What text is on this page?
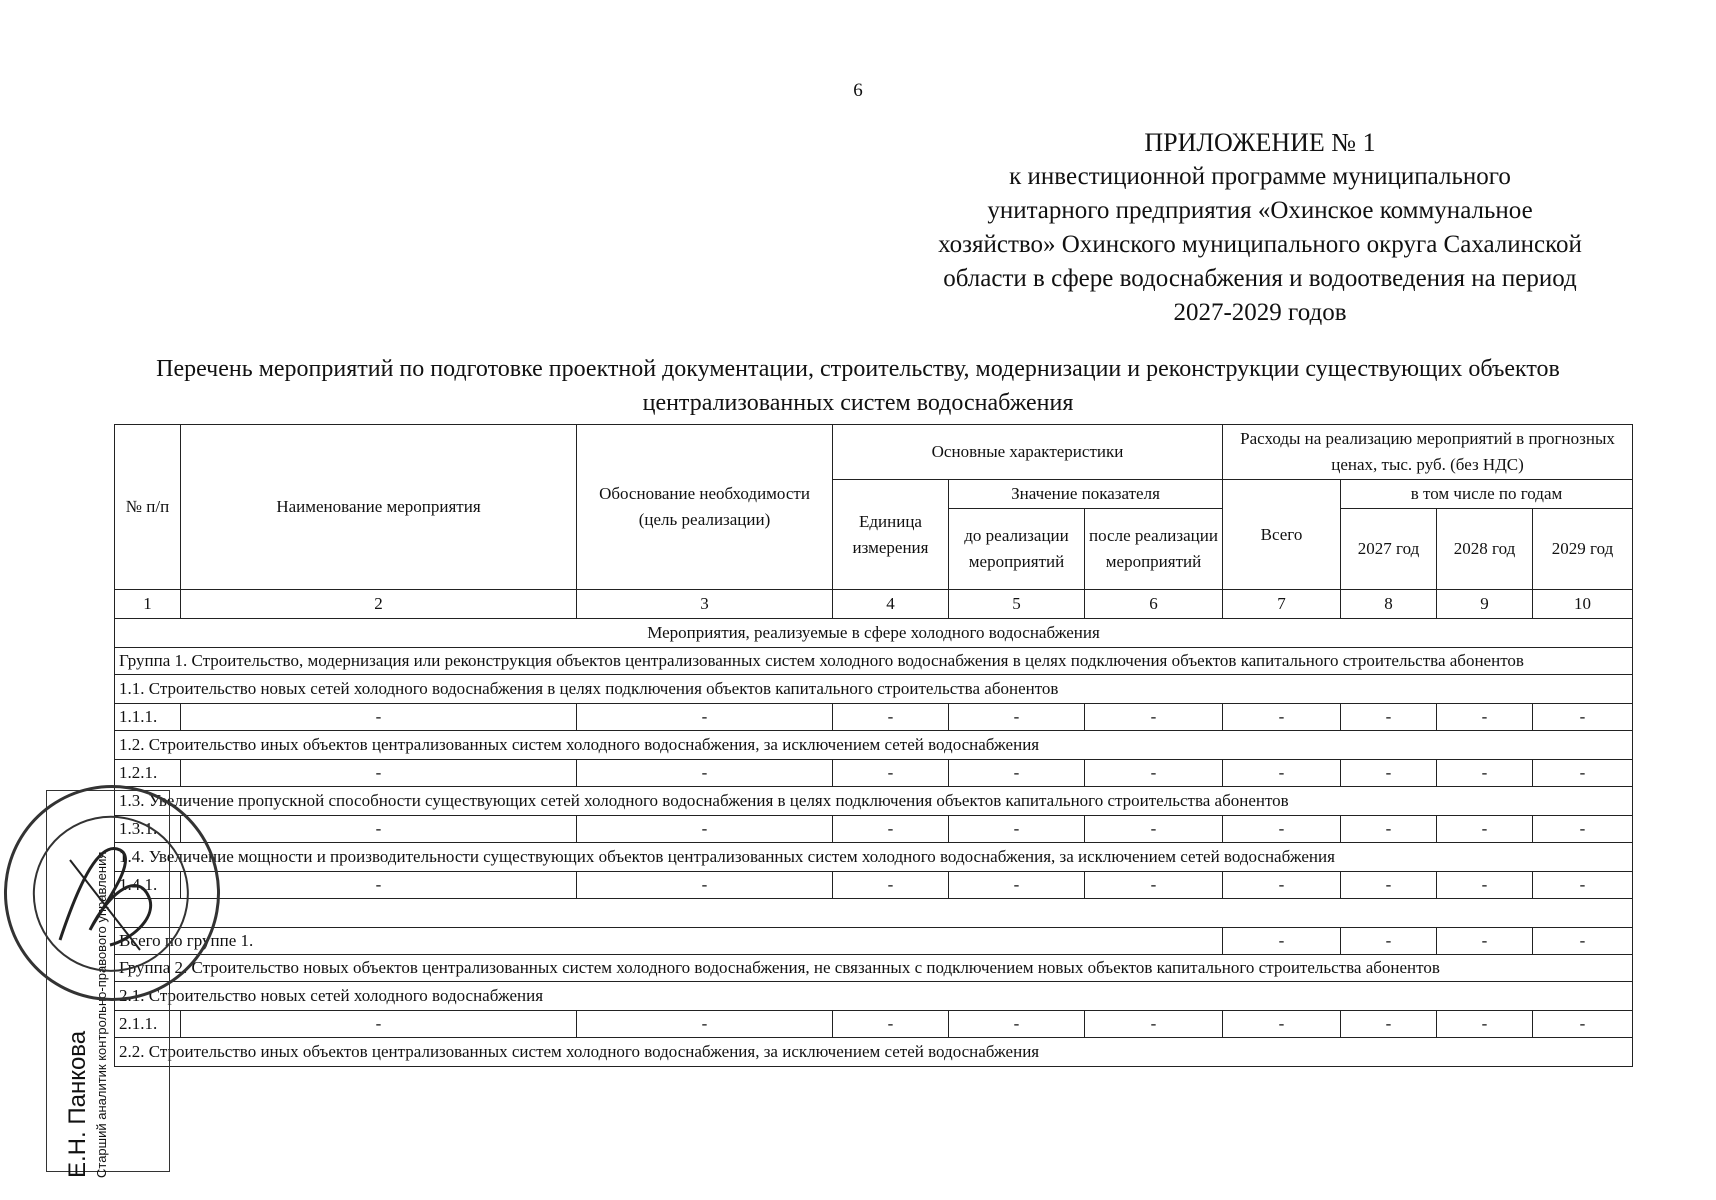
6
ПРИЛОЖЕНИЕ № 1
к инвестиционной программе муниципального
унитарного предприятия «Охинское коммунальное
хозяйство» Охинского муниципального округа Сахалинской
области в сфере водоснабжения и водоотведения на период
2027-2029 годов
Перечень мероприятий по подготовке проектной документации, строительству, модернизации и реконструкции существующих объектов
централизованных систем водоснабжения
№ п/п	Наименование мероприятия	Обоснование необходимости (цель реализации)	Основные характеристики			Расходы на реализацию мероприятий в прогнозных ценах, тыс. руб. (без НДС)			
			Единица измерения	Значение показателя		Всего	в том числе по годам		
				до реализации мероприятий	после реализации мероприятий		2027 год	2028 год	2029 год
1	2	3	4	5	6	7	8	9	10
Мероприятия, реализуемые в сфере холодного водоснабжения									
Группа 1. Строительство, модернизация или реконструкция объектов централизованных систем холодного водоснабжения в целях подключения объектов капитального строительства абонентов									
1.1. Строительство новых сетей холодного водоснабжения в целях подключения объектов капитального строительства абонентов									
1.1.1.	-	-	-	-	-	-	-	-	-
1.2. Строительство иных объектов централизованных систем холодного водоснабжения, за исключением сетей водоснабжения									
1.2.1.	-	-	-	-	-	-	-	-	-
1.3. Увеличение пропускной способности существующих сетей холодного водоснабжения в целях подключения объектов капитального строительства абонентов									
1.3.1.	-	-	-	-	-	-	-	-	-
1.4. Увеличение мощности и производительности существующих объектов централизованных систем холодного водоснабжения, за исключением сетей водоснабжения									
1.4.1.	-	-	-	-	-	-	-	-	-

Всего по группе 1.						-	-	-	-
Группа 2. Строительство новых объектов централизованных систем холодного водоснабжения, не связанных с подключением новых объектов капитального строительства абонентов									
2.1. Строительство новых сетей холодного водоснабжения									
2.1.1.	-	-	-	-	-	-	-	-	-
2.2. Строительство иных объектов централизованных систем холодного водоснабжения, за исключением сетей водоснабжения									
Е.Н. Панкова Старший аналитик контрольно-правового управления
